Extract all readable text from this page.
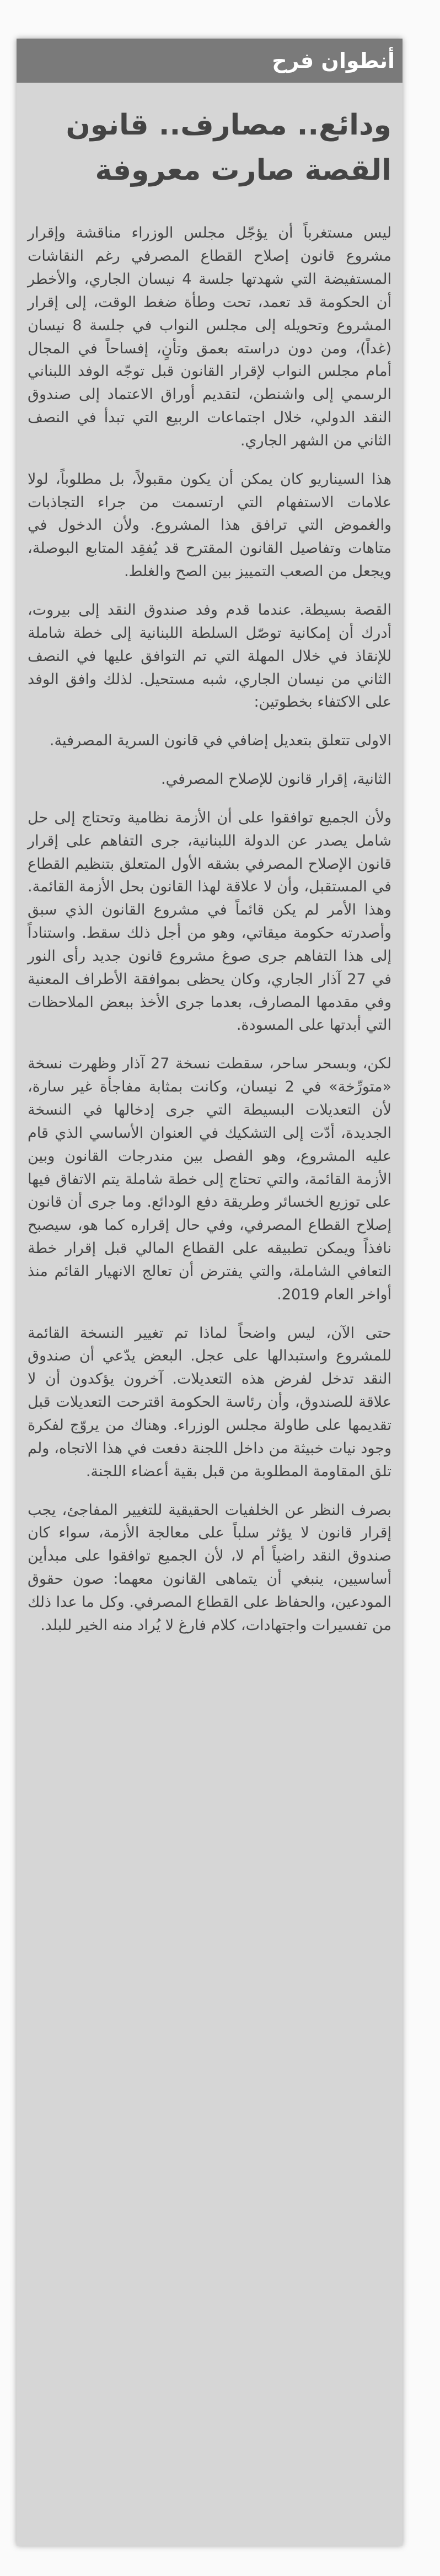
أنطوان فرح
ودائع.. مصارف.. قانون القصة صارت معروفة

ليس مستغرباً أن يؤجّل مجلس الوزراء مناقشة وإقرار مشروع قانون إصلاح القطاع المصرفي رغم النقاشات المستفيضة التي شهدتها جلسة 4 نيسان الجاري، والأخطر أن الحكومة قد تعمد، تحت وطأة ضغط الوقت، إلى إقرار المشروع وتحويله إلى مجلس النواب في جلسة 8 نيسان (غداً)، ومن دون دراسته بعمق وتأنٍ، إفساحاً في المجال أمام مجلس النواب لإقرار القانون قبل توجّه الوفد اللبناني الرسمي إلى واشنطن، لتقديم أوراق الاعتماد إلى صندوق النقد الدولي، خلال اجتماعات الربيع التي تبدأ في النصف الثاني من الشهر الجاري.

هذا السيناريو كان يمكن أن يكون مقبولاً، بل مطلوباً، لولا علامات الاستفهام التي ارتسمت من جراء التجاذبات والغموض التي ترافق هذا المشروع. ولأن الدخول في متاهات وتفاصيل القانون المقترح قد يُفقِد المتابع البوصلة، ويجعل من الصعب التمييز بين الصح والغلط.

القصة بسيطة. عندما قدم وفد صندوق النقد إلى بيروت، أدرك أن إمكانية توصّل السلطة اللبنانية إلى خطة شاملة للإنقاذ في خلال المهلة التي تم التوافق عليها في النصف الثاني من نيسان الجاري، شبه مستحيل. لذلك وافق الوفد على الاكتفاء بخطوتين:

الاولى تتعلق بتعديل إضافي في قانون السرية المصرفية.

الثانية، إقرار قانون للإصلاح المصرفي.

ولأن الجميع توافقوا على أن الأزمة نظامية وتحتاج إلى حل شامل يصدر عن الدولة اللبنانية، جرى التفاهم على إقرار قانون الإصلاح المصرفي بشقه الأول المتعلق بتنظيم القطاع في المستقبل، وأن لا علاقة لهذا القانون بحل الأزمة القائمة. وهذا الأمر لم يكن قائماً في مشروع القانون الذي سبق وأصدرته حكومة ميقاتي، وهو من أجل ذلك سقط. واستناداً إلى هذا التفاهم جرى صوغ مشروع قانون جديد رأى النور في 27 آذار الجاري، وكان يحظى بموافقة الأطراف المعنية وفي مقدمها المصارف، بعدما جرى الأخذ ببعض الملاحظات التي أبدتها على المسودة.

لكن، وبسحر ساحر، سقطت نسخة 27 آذار وظهرت نسخة «متورِّخة» في 2 نيسان، وكانت بمثابة مفاجأة غير سارة، لأن التعديلات البسيطة التي جرى إدخالها في النسخة الجديدة، أدّت إلى التشكيك في العنوان الأساسي الذي قام عليه المشروع، وهو الفصل بين مندرجات القانون وبين الأزمة القائمة، والتي تحتاج إلى خطة شاملة يتم الاتفاق فيها على توزيع الخسائر وطريقة دفع الودائع. وما جرى أن قانون إصلاح القطاع المصرفي، وفي حال إقراره كما هو، سيصبح نافذاً ويمكن تطبيقه على القطاع المالي قبل إقرار خطة التعافي الشاملة، والتي يفترض أن تعالج الانهيار القائم منذ أواخر العام 2019.

حتى الآن، ليس واضحاً لماذا تم تغيير النسخة القائمة للمشروع واستبدالها على عجل. البعض يدّعي أن صندوق النقد تدخل لفرض هذه التعديلات. آخرون يؤكدون أن لا علاقة للصندوق، وأن رئاسة الحكومة اقترحت التعديلات قبل تقديمها على طاولة مجلس الوزراء. وهناك من يروّج لفكرة وجود نيات خبيثة من داخل اللجنة دفعت في هذا الاتجاه، ولم تلق المقاومة المطلوبة من قبل بقية أعضاء اللجنة.

بصرف النظر عن الخلفيات الحقيقية للتغيير المفاجئ، يجب إقرار قانون لا يؤثر سلباً على معالجة الأزمة، سواء كان صندوق النقد راضياً أم لا، لأن الجميع توافقوا على مبدأين أساسيين، ينبغي أن يتماهى القانون معهما: صون حقوق المودعين، والحفاظ على القطاع المصرفي. وكل ما عدا ذلك من تفسيرات واجتهادات، كلام فارغ لا يُراد منه الخير للبلد.
